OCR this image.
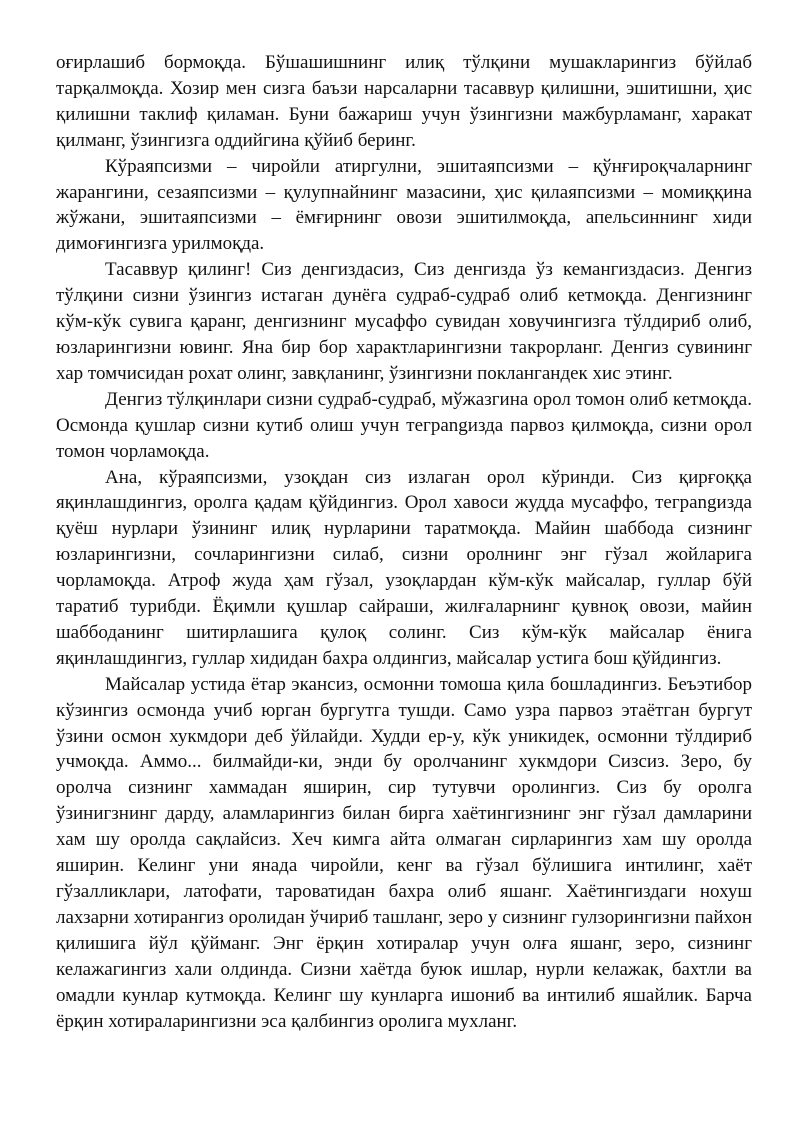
оғирлашиб бормоқда. Бўшашишнинг илиқ тўлқини мушакларингиз бўйлаб тарқалмоқда. Хозир мен сизга баъзи нарсаларни тасаввур қилишни, эшитишни, ҳис қилишни таклиф қиламан. Буни бажариш учун ўзингизни мажбурламанг, харакат қилманг, ўзингизга оддийгина қўйиб беринг.

Кўраяпсизми – чиройли атиргулни, эшитаяпсизми – қўнғироқчаларнинг жарангини, сезаяпсизми – қулупнайнинг мазасини, ҳис қилаяпсизми – момиққина жўжани, эшитаяпсизми – ёмғирнинг овози эшитилмоқда, апельсиннинг хиди димоғингизга урилмоқда.

Тасаввур қилинг! Сиз денгиздасиз, Сиз денгизда ўз кемангиздасиз. Денгиз тўлқини сизни ўзингиз истаган дунёга судраб-судраб олиб кетмоқда. Денгизнинг кўм-кўк сувига қаранг, денгизнинг мусаффо сувидан ховучингизга тўлдириб олиб, юзларингизни ювинг. Яна бир бор характларингизни такрорланг. Денгиз сувининг хар томчисидан рохат олинг, завқланинг, ўзингизни поклангандек хис этинг.

Денгиз тўлқинлари сизни судраб-судраб, мўжазгина орол томон олиб кетмоқда. Осмонда қушлар сизни кутиб олиш учун теграngизда парвоз қилмоқда, сизни орол томон чорламоқда.

Ана, кўраяпсизми, узоқдан сиз излаган орол кўринди. Сиз қирғоққа яқинлашдингиз, оролга қадам қўйдингиз. Орол хавоси жудда мусаффо, теграngизда қуёш нурлари ўзининг илиқ нурларини таратмоқда. Майин шаббода сизнинг юзларингизни, сочларингизни силаб, сизни оролнинг энг гўзал жойларига чорламоқда. Атроф жуда ҳам гўзал, узоқлардан кўм-кўк майсалар, гуллар бўй таратиб турибди. Ёқимли қушлар сайраши, жилғаларнинг қувноқ овози, майин шаббоданинг шитирлашига қулоқ солинг. Сиз кўм-кўк майсалар ёнига яқинлашдингиз, гуллар хидидан бахра олдингиз, майсалар устига бош қўйдингиз.

Майсалар устида ётар экансиз, осмонни томоша қила бошладингиз. Беъэтибор кўзингиз осмонда учиб юрган бургутга тушди. Само узра парвоз этаётган бургут ўзини осмон хукмдори деб ўйлайди. Худди ер-у, кўк уникидек, осмонни тўлдириб учмоқда. Аммо... билмайди-ки, энди бу оролчанинг хукмдори Сизсиз. Зеро, бу оролча сизнинг хаммадан яширин, сир тутувчи оролингиз. Сиз бу оролга ўзинигзнинг дарду, аламларингиз билан бирга хаётингизнинг энг гўзал дамларини хам шу оролда сақлайсиз. Хеч кимга айта олмаган сирларингиз хам шу оролда яширин. Келинг уни янада чиройли, кенг ва гўзал бўлишига интилинг, хаёт гўзалликлари, латофати, тароватидан бахра олиб яшанг. Хаётингиздаги нохуш лахзарни хотирангиз оролидан ўчириб ташланг, зеро у сизнинг гулзорингизни пайхон қилишига йўл қўйманг. Энг ёрқин хотиралар учун олға яшанг, зеро, сизнинг келажагингиз хали олдинда. Сизни хаётда буюк ишлар, нурли келажак, бахтли ва омадли кунлар кутмоқда. Келинг шу кунларга ишониб ва интилиб яшайлик. Барча ёрқин хотираларингизни эса қалбингиз оролига мухланг.
